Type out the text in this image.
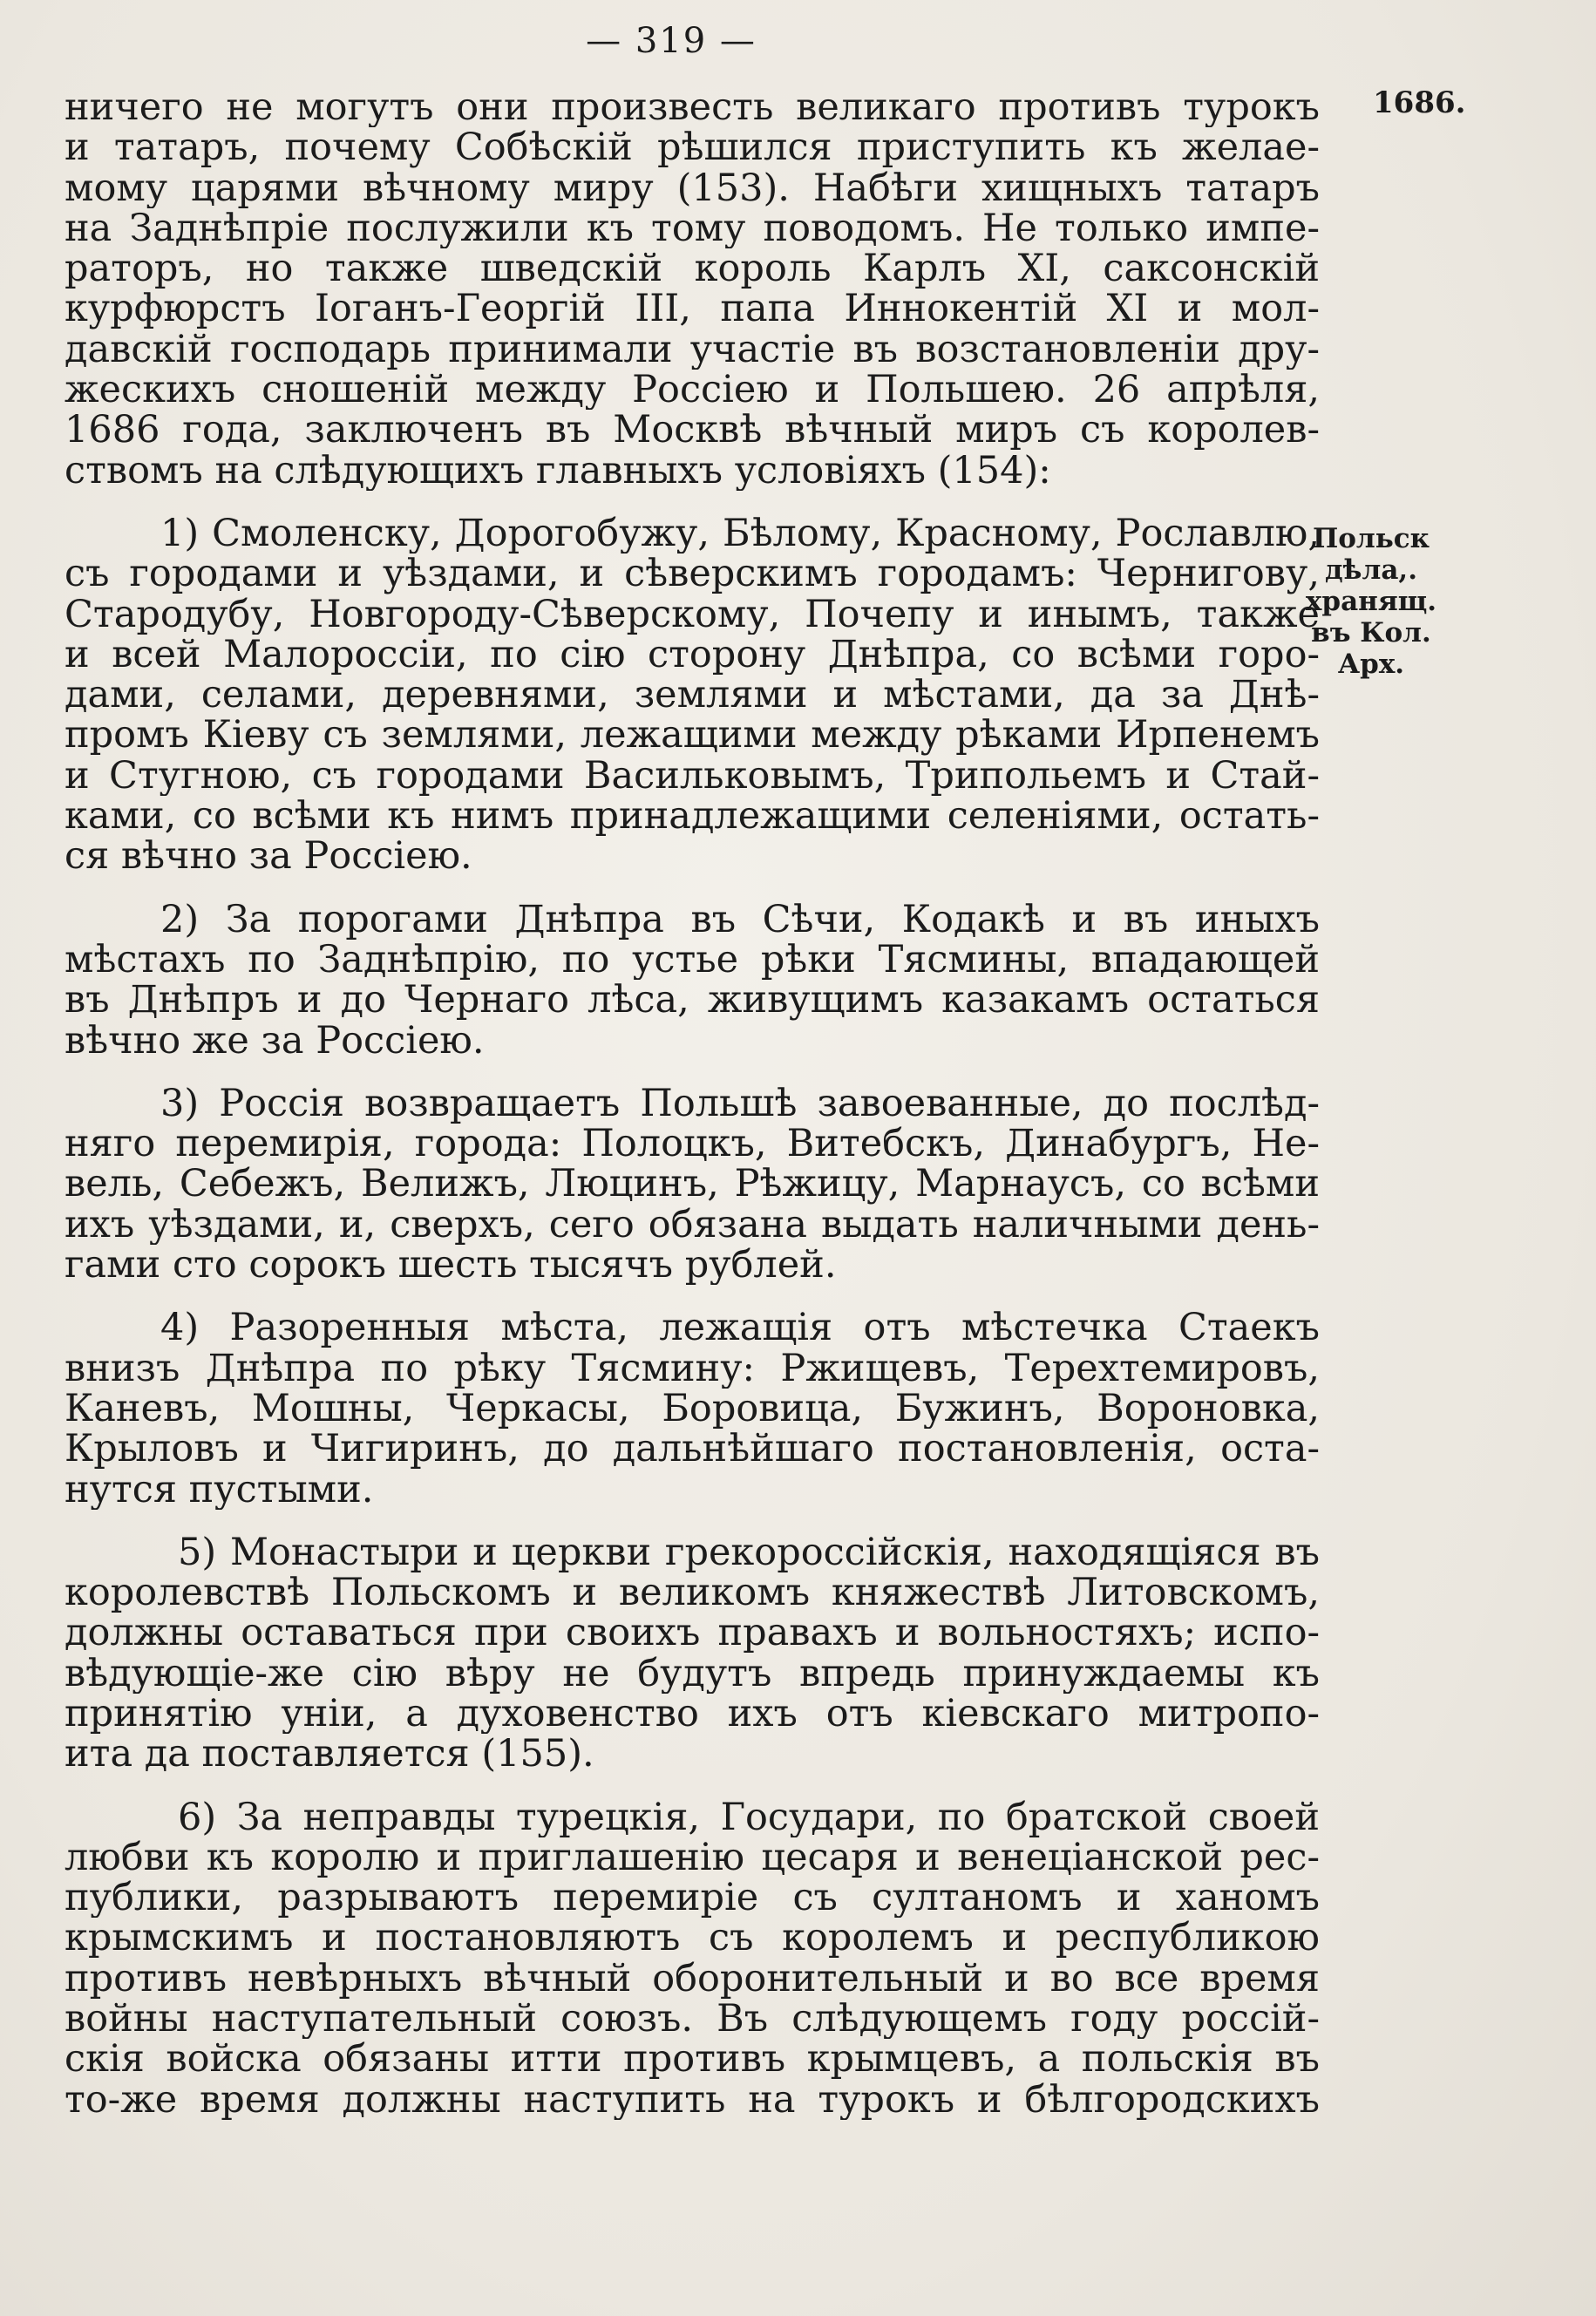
— 319 —
1686.
Польск
дѣла,.
хранящ.
въ Кол.
Арх.
ничего не могутъ они произвесть великаго противъ турокъ
и татаръ, почему Собѣскій рѣшился приступить къ желае-
мому царями вѣчному миру (153). Набѣги хищныхъ татаръ
на Заднѣпріе послужили къ тому поводомъ. Не только импе-
раторъ, но также шведскій король Карлъ XI, саксонскій
курфюрстъ Іоганъ-Георгій III, папа Иннокентій XI и мол-
давскій господарь принимали участіе въ возстановленіи дру-
жескихъ сношеній между Россіею и Польшею. 26 апрѣля,
1686 года, заключенъ въ Москвѣ вѣчный миръ съ королев-
ствомъ на слѣдующихъ главныхъ условіяхъ (154):
1) Смоленску, Дорогобужу, Бѣлому, Красному, Рославлю,
съ городами и уѣздами, и сѣверскимъ городамъ: Чернигову,
Стародубу, Новгороду-Сѣверскому, Почепу и инымъ, также
и всей Малороссіи, по сію сторону Днѣпра, со всѣми горо-
дами, селами, деревнями, землями и мѣстами, да за Днѣ-
промъ Кіеву съ землями, лежащими между рѣками Ирпенемъ
и Стугною, съ городами Васильковымъ, Трипольемъ и Стай-
ками, со всѣми къ нимъ принадлежащими селеніями, остать-
ся вѣчно за Россіею.
2) За порогами Днѣпра въ Сѣчи, Кодакѣ и въ иныхъ
мѣстахъ по Заднѣпрію, по устье рѣки Тясмины, впадающей
въ Днѣпръ и до Чернаго лѣса, живущимъ казакамъ остаться
вѣчно же за Россіею.
3) Россія возвращаетъ Польшѣ завоеванные, до послѣд-
няго перемирія, города: Полоцкъ, Витебскъ, Динабургъ, Не-
вель, Себежъ, Велижъ, Люцинъ, Рѣжицу, Марнаусъ, со всѣми
ихъ уѣздами, и, сверхъ, сего обязана выдать наличными день-
гами сто сорокъ шесть тысячъ рублей.
4) Разоренныя мѣста, лежащія отъ мѣстечка Стаекъ
внизъ Днѣпра по рѣку Тясмину: Ржищевъ, Терехтемировъ,
Каневъ, Мошны, Черкасы, Боровица, Бужинъ, Вороновка,
Крыловъ и Чигиринъ, до дальнѣйшаго постановленія, оста-
нутся пустыми.
5) Монастыри и церкви грекороссійскія, находящіяся въ
королевствѣ Польскомъ и великомъ княжествѣ Литовскомъ,
должны оставаться при своихъ правахъ и вольностяхъ; испо-
вѣдующіе-же сію вѣру не будутъ впредь принуждаемы къ
принятію уніи, а духовенство ихъ отъ кіевскаго митропо-
ита да поставляется (155).
6) За неправды турецкія, Государи, по братской своей
любви къ королю и приглашенію цесаря и венеціанской рес-
публики, разрываютъ перемиріе съ султаномъ и ханомъ
крымскимъ и постановляютъ съ королемъ и республикою
противъ невѣрныхъ вѣчный оборонительный и во все время
войны наступательный союзъ. Въ слѣдующемъ году россій-
скія войска обязаны итти противъ крымцевъ, а польскія въ
то-же время должны наступить на турокъ и бѣлгородскихъ
